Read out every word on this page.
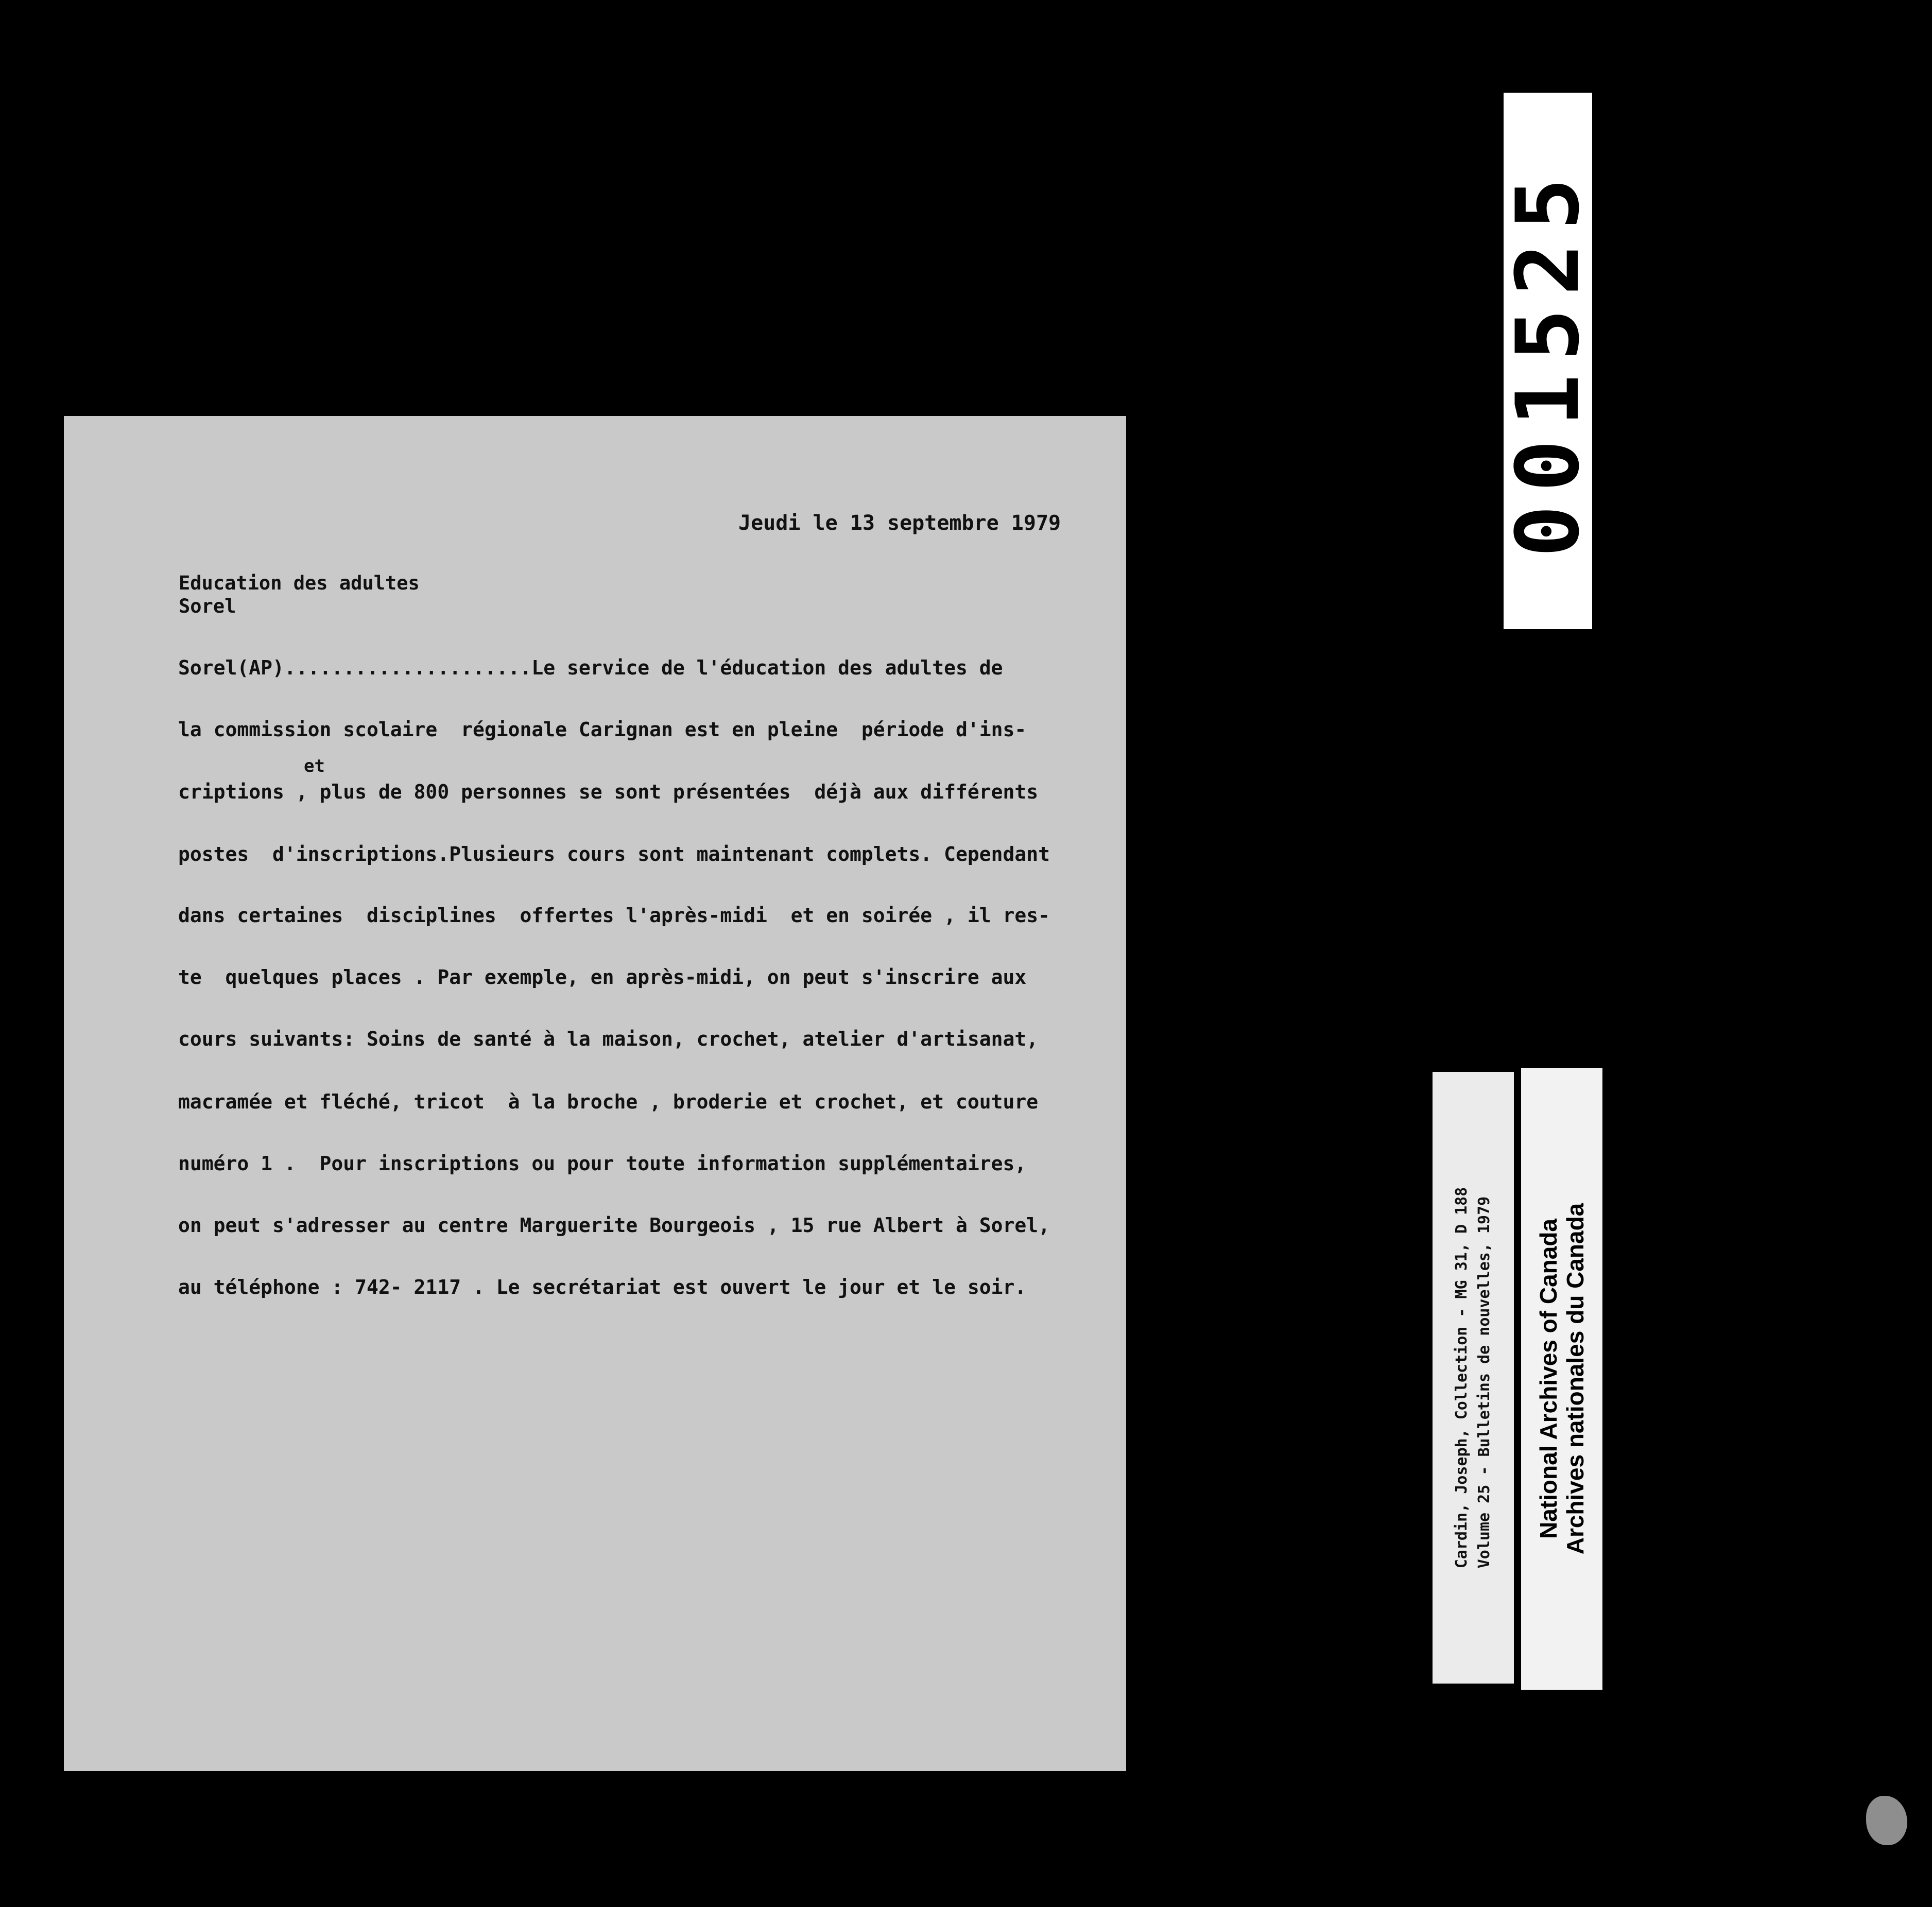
Jeudi le 13 septembre 1979
Education des adultes
Sorel
Sorel(AP).....................Le service de l'éducation des adultes de
la commission scolaire  régionale Carignan est en pleine  période d'ins-
et
criptions , plus de 800 personnes se sont présentées  déjà aux différents
postes  d'inscriptions.Plusieurs cours sont maintenant complets. Cependant
dans certaines  disciplines  offertes l'après-midi  et en soirée , il res-
te  quelques places . Par exemple, en après-midi, on peut s'inscrire aux
cours suivants: Soins de santé à la maison, crochet, atelier d'artisanat,
macramée et fléché, tricot  à la broche , broderie et crochet, et couture
numéro 1 .  Pour inscriptions ou pour toute information supplémentaires,
on peut s'adresser au centre Marguerite Bourgeois , 15 rue Albert à Sorel,
au téléphone : 742- 2117 . Le secrétariat est ouvert le jour et le soir.
001525
Cardin, Joseph, Collection - MG 31, D 188 Volume 25 - Bulletins de nouvelles, 1979 National Archives of Canada Archives nationales du Canada
